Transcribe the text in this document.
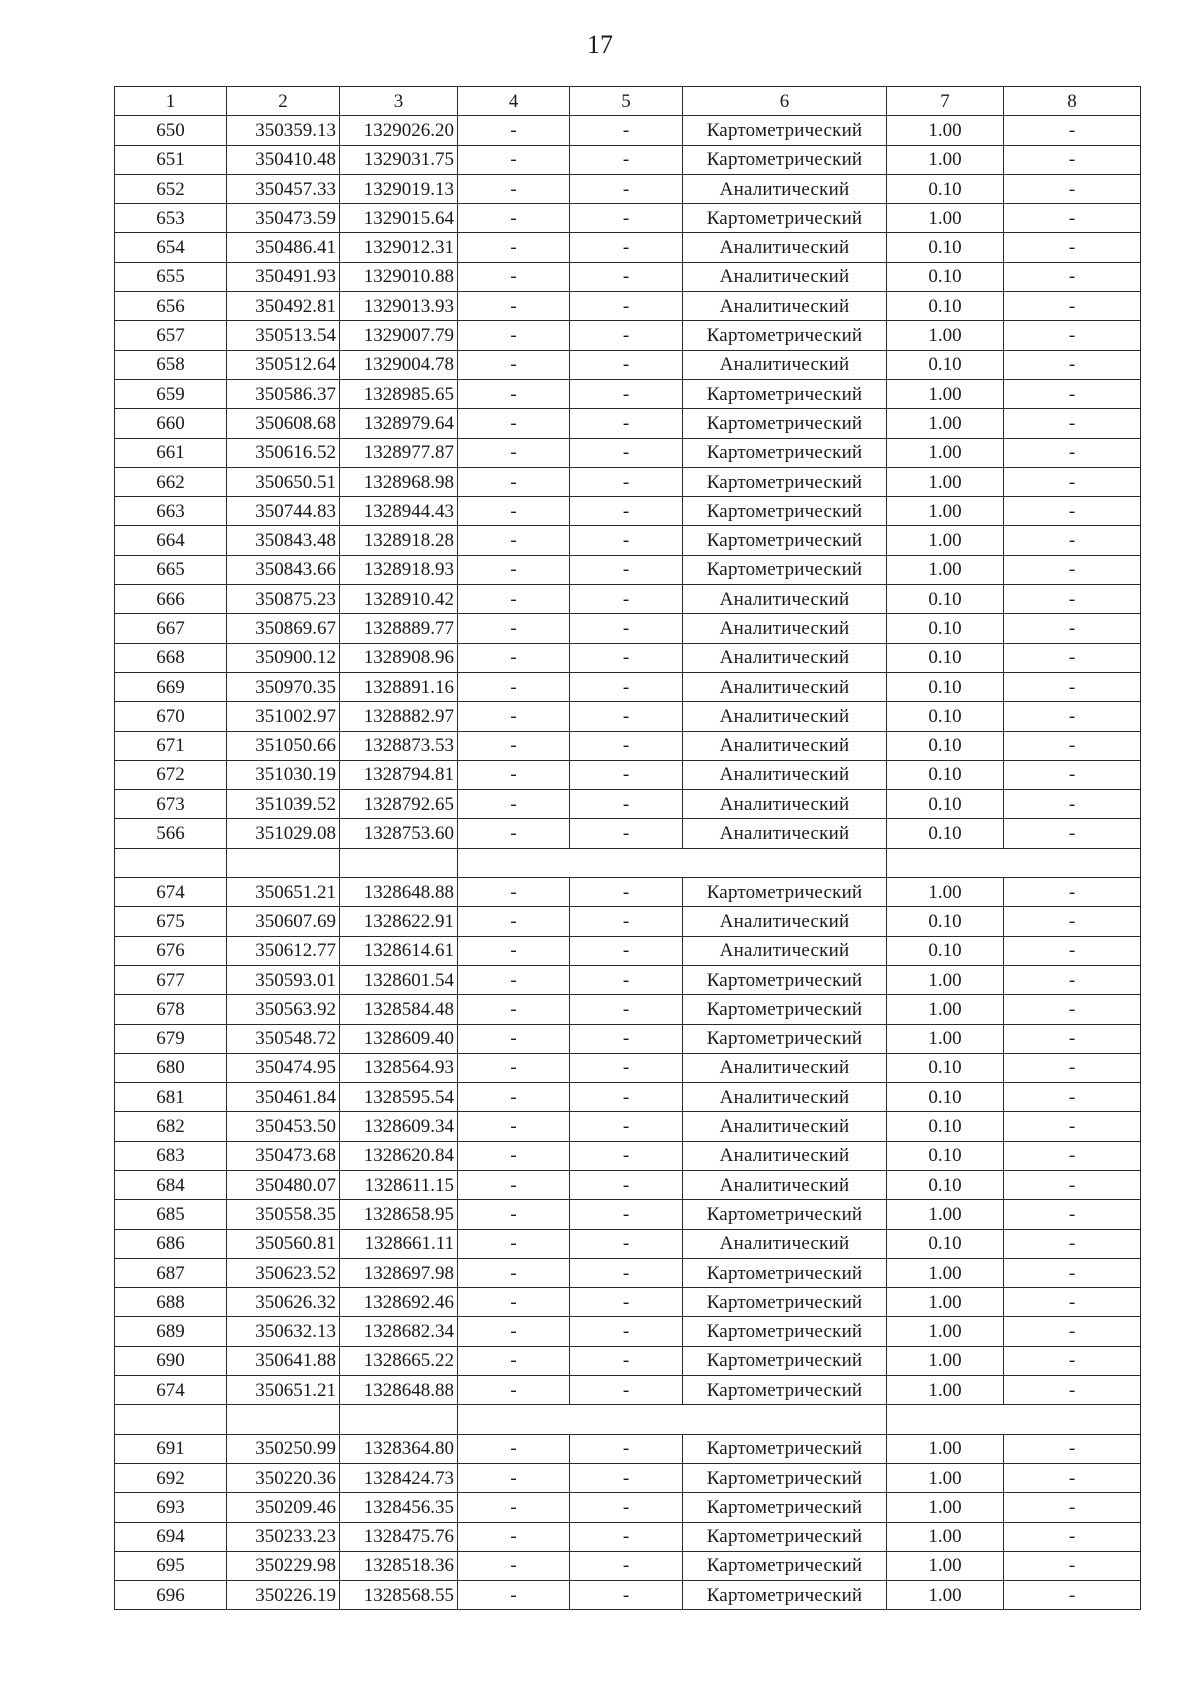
17
1	2	3	4	5	6	7	8
650	350359.13	1329026.20	-	-	Картометрический	1.00	-
651	350410.48	1329031.75	-	-	Картометрический	1.00	-
652	350457.33	1329019.13	-	-	Аналитический	0.10	-
653	350473.59	1329015.64	-	-	Картометрический	1.00	-
654	350486.41	1329012.31	-	-	Аналитический	0.10	-
655	350491.93	1329010.88	-	-	Аналитический	0.10	-
656	350492.81	1329013.93	-	-	Аналитический	0.10	-
657	350513.54	1329007.79	-	-	Картометрический	1.00	-
658	350512.64	1329004.78	-	-	Аналитический	0.10	-
659	350586.37	1328985.65	-	-	Картометрический	1.00	-
660	350608.68	1328979.64	-	-	Картометрический	1.00	-
661	350616.52	1328977.87	-	-	Картометрический	1.00	-
662	350650.51	1328968.98	-	-	Картометрический	1.00	-
663	350744.83	1328944.43	-	-	Картометрический	1.00	-
664	350843.48	1328918.28	-	-	Картометрический	1.00	-
665	350843.66	1328918.93	-	-	Картометрический	1.00	-
666	350875.23	1328910.42	-	-	Аналитический	0.10	-
667	350869.67	1328889.77	-	-	Аналитический	0.10	-
668	350900.12	1328908.96	-	-	Аналитический	0.10	-
669	350970.35	1328891.16	-	-	Аналитический	0.10	-
670	351002.97	1328882.97	-	-	Аналитический	0.10	-
671	351050.66	1328873.53	-	-	Аналитический	0.10	-
672	351030.19	1328794.81	-	-	Аналитический	0.10	-
673	351039.52	1328792.65	-	-	Аналитический	0.10	-
566	351029.08	1328753.60	-	-	Аналитический	0.10	-

674	350651.21	1328648.88	-	-	Картометрический	1.00	-
675	350607.69	1328622.91	-	-	Аналитический	0.10	-
676	350612.77	1328614.61	-	-	Аналитический	0.10	-
677	350593.01	1328601.54	-	-	Картометрический	1.00	-
678	350563.92	1328584.48	-	-	Картометрический	1.00	-
679	350548.72	1328609.40	-	-	Картометрический	1.00	-
680	350474.95	1328564.93	-	-	Аналитический	0.10	-
681	350461.84	1328595.54	-	-	Аналитический	0.10	-
682	350453.50	1328609.34	-	-	Аналитический	0.10	-
683	350473.68	1328620.84	-	-	Аналитический	0.10	-
684	350480.07	1328611.15	-	-	Аналитический	0.10	-
685	350558.35	1328658.95	-	-	Картометрический	1.00	-
686	350560.81	1328661.11	-	-	Аналитический	0.10	-
687	350623.52	1328697.98	-	-	Картометрический	1.00	-
688	350626.32	1328692.46	-	-	Картометрический	1.00	-
689	350632.13	1328682.34	-	-	Картометрический	1.00	-
690	350641.88	1328665.22	-	-	Картометрический	1.00	-
674	350651.21	1328648.88	-	-	Картометрический	1.00	-

691	350250.99	1328364.80	-	-	Картометрический	1.00	-
692	350220.36	1328424.73	-	-	Картометрический	1.00	-
693	350209.46	1328456.35	-	-	Картометрический	1.00	-
694	350233.23	1328475.76	-	-	Картометрический	1.00	-
695	350229.98	1328518.36	-	-	Картометрический	1.00	-
696	350226.19	1328568.55	-	-	Картометрический	1.00	-
